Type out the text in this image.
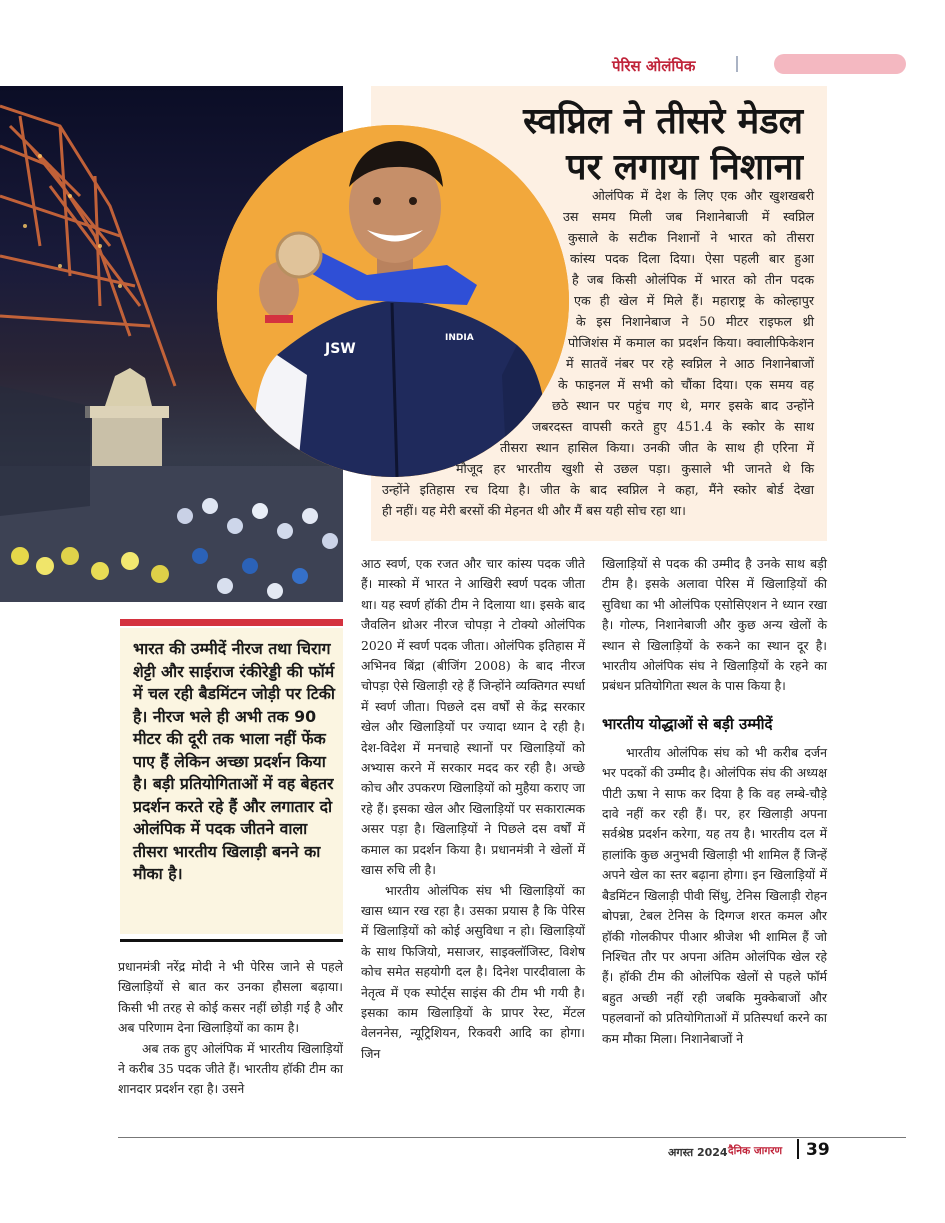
पेरिस ओलंपिक
स्वप्निल ने तीसरे मेडल
पर लगाया निशाना
JSW
INDIA
ओलंपिक में देश के लिए एक और खुशखबरी
उस समय मिली जब निशानेबाजी में स्वप्निल
कुसाले के सटीक निशानों ने भारत को तीसरा
कांस्य पदक दिला दिया। ऐसा पहली बार हुआ
है जब किसी ओलंपिक में भारत को तीन पदक
एक ही खेल में मिले हैं। महाराष्ट्र के कोल्हापुर
के इस निशानेबाज ने 50 मीटर राइफल थ्री
पोजिशंस में कमाल का प्रदर्शन किया। क्वालीफिकेशन
में सातवें नंबर पर रहे स्वप्निल ने आठ निशानेबाजों
के फाइनल में सभी को चौंका दिया। एक समय वह
छठे स्थान पर पहुंच गए थे, मगर इसके बाद उन्होंने
जबरदस्त वापसी करते हुए 451.4 के स्कोर के साथ
तीसरा स्थान हासिल किया। उनकी जीत के साथ ही एरिना में
मौजूद हर भारतीय खुशी से उछल पड़ा। कुसाले भी जानते थे कि
उन्होंने इतिहास रच दिया है। जीत के बाद स्वप्निल ने कहा, मैंने स्कोर बोर्ड देखा
ही नहीं। यह मेरी बरसों की मेहनत थी और मैं बस यही सोच रहा था।
भारत की उम्मीदें नीरज तथा चिराग शेट्टी और साईराज रंकीरेड्डी की फॉर्म में चल रही बैडमिंटन जोड़ी पर टिकी है। नीरज भले ही अभी तक 90 मीटर की दूरी तक भाला नहीं फेंक पाए हैं लेकिन अच्छा प्रदर्शन किया है। बड़ी प्रतियोगिताओं में वह बेहतर प्रदर्शन करते रहे हैं और लगातार दो ओलंपिक में पदक जीतने वाला तीसरा भारतीय खिलाड़ी बनने का मौका है।

प्रधानमंत्री नरेंद्र मोदी ने भी पेरिस जाने से पहले खिलाड़ियों से बात कर उनका हौसला बढ़ाया। किसी भी तरह से कोई कसर नहीं छोड़ी गई है और अब परिणाम देना खिलाड़ियों का काम है।

अब तक हुए ओलंपिक में भारतीय खिलाड़ियों ने करीब 35 पदक जीते हैं। भारतीय हॉकी टीम का शानदार प्रदर्शन रहा है। उसने

आठ स्वर्ण, एक रजत और चार कांस्य पदक जीते हैं। मास्को में भारत ने आखिरी स्वर्ण पदक जीता था। यह स्वर्ण हॉकी टीम ने दिलाया था। इसके बाद जैवलिन थ्रोअर नीरज चोपड़ा ने टोक्यो ओलंपिक 2020 में स्वर्ण पदक जीता। ओलंपिक इतिहास में अभिनव बिंद्रा (बीजिंग 2008) के बाद नीरज चोपड़ा ऐसे खिलाड़ी रहे हैं जिन्होंने व्यक्तिगत स्पर्धा में स्वर्ण जीता। पिछले दस वर्षों से केंद्र सरकार खेल और खिलाड़ियों पर ज्यादा ध्यान दे रही है। देश-विदेश में मनचाहे स्थानों पर खिलाड़ियों को अभ्यास करने में सरकार मदद कर रही है। अच्छे कोच और उपकरण खिलाड़ियों को मुहैया कराए जा रहे हैं। इसका खेल और खिलाड़ियों पर सकारात्मक असर पड़ा है। खिलाड़ियों ने पिछले दस वर्षों में कमाल का प्रदर्शन किया है। प्रधानमंत्री ने खेलों में खास रुचि ली है।

भारतीय ओलंपिक संघ भी खिलाड़ियों का खास ध्यान रख रहा है। उसका प्रयास है कि पेरिस में खिलाड़ियों को कोई असुविधा न हो। खिलाड़ियों के साथ फिजियो, मसाजर, साइक्लॉजिस्ट, विशेष कोच समेत सहयोगी दल है। दिनेश पारदीवाला के नेतृत्व में एक स्पोर्ट्स साइंस की टीम भी गयी है। इसका काम खिलाड़ियों के प्रापर रेस्ट, मेंटल वेलननेस, न्यूट्रिशियन, रिकवरी आदि का होगा। जिन

खिलाड़ियों से पदक की उम्मीद है उनके साथ बड़ी टीम है। इसके अलावा पेरिस में खिलाड़ियों की सुविधा का भी ओलंपिक एसोसिएशन ने ध्यान रखा है। गोल्फ, निशानेबाजी और कुछ अन्य खेलों के स्थान से खिलाड़ियों के रुकने का स्थान दूर है। भारतीय ओलंपिक संघ ने खिलाड़ियों के रहने का प्रबंधन प्रतियोगिता स्थल के पास किया है।

भारतीय योद्धाओं से बड़ी उम्मीदें

भारतीय ओलंपिक संघ को भी करीब दर्जन भर पदकों की उम्मीद है। ओलंपिक संघ की अध्यक्ष पीटी ऊषा ने साफ कर दिया है कि वह लम्बे-चौड़े दावे नहीं कर रही हैं। पर, हर खिलाड़ी अपना सर्वश्रेष्ठ प्रदर्शन करेगा, यह तय है। भारतीय दल में हालांकि कुछ अनुभवी खिलाड़ी भी शामिल हैं जिन्हें अपने खेल का स्तर बढ़ाना होगा। इन खिलाड़ियों में बैडमिंटन खिलाड़ी पीवी सिंधु, टेनिस खिलाड़ी रोहन बोपन्ना, टेबल टेनिस के दिग्गज शरत कमल और हॉकी गोलकीपर पीआर श्रीजेश भी शामिल हैं जो निश्चित तौर पर अपना अंतिम ओलंपिक खेल रहे हैं। हॉकी टीम की ओलंपिक खेलों से पहले फॉर्म बहुत अच्छी नहीं रही जबकि मुक्केबाजों और पहलवानों को प्रतियोगिताओं में प्रतिस्पर्धा करने का कम मौका मिला। निशानेबाजों ने

अगस्त 2024 दैनिक जागरण 39
